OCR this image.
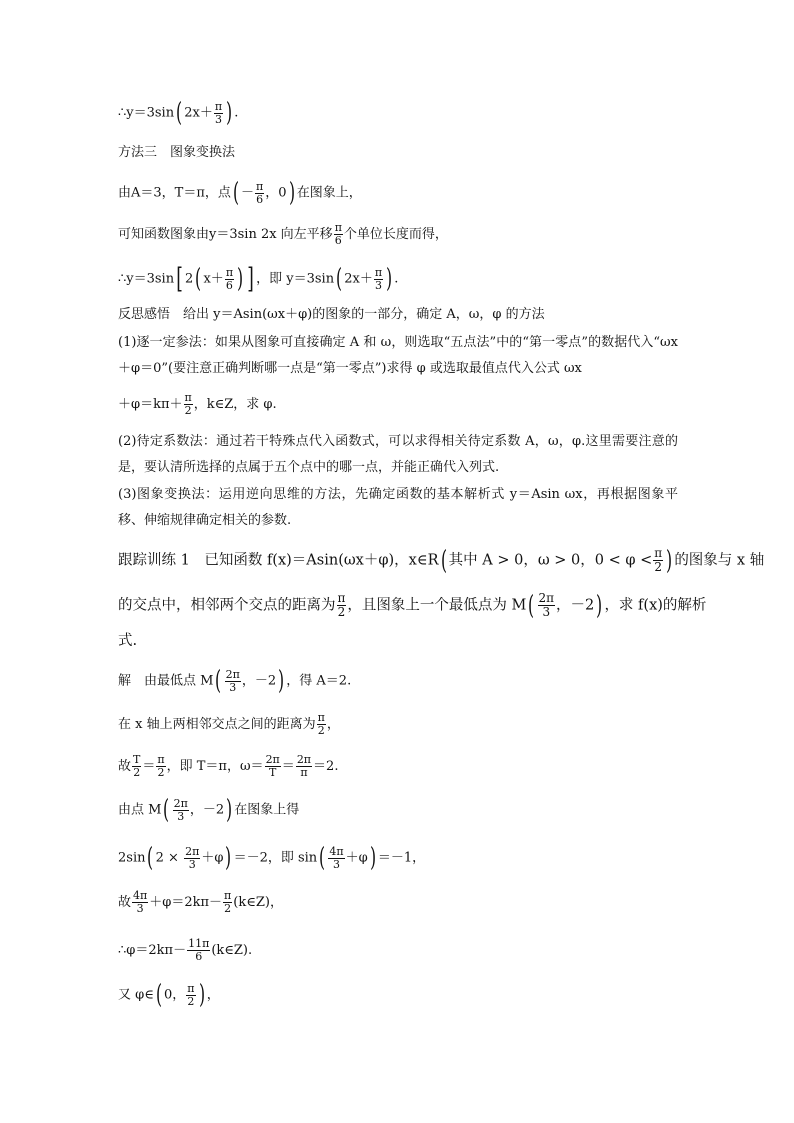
∴y＝3sin( $2x+ \frac{\pi}{3}$ ) .
方法三　图象变换法
由A＝3，T＝π，点( － $\frac{\pi}{6}$ ，0) 在图象上，
可知函数图象由y＝3sin 2x 向左平移 $\frac{\pi}{6}$ 个单位长度而得，
∴y＝3sin[ 2( $x+ \frac{\pi}{6}$ ) ] ，即 y＝3sin( $2x+ \frac{\pi}{3}$ ) .
反思感悟　给出 y＝Asin(ωx＋φ)的图象的一部分，确定 A，ω，φ 的方法
(1)逐一定参法：如果从图象可直接确定 A 和 ω，则选取“五点法”中的“第一零点”的数据代入“ωx＋φ＝0”(要注意正确判断哪一点是“第一零点”)求得 φ 或选取最值点代入公式 ωx
$+\varphi=k\pi+ \frac{\pi}{2}$ ，k∈Z，求 φ.
(2)待定系数法：通过若干特殊点代入函数式，可以求得相关待定系数 A，ω，φ.这里需要注意的是，要认清所选择的点属于五个点中的哪一点，并能正确代入列式.
(3)图象变换法：运用逆向思维的方法，先确定函数的基本解析式 y＝Asin ωx，再根据图象平移、伸缩规律确定相关的参数.
跟踪训练 1　已知函数 f(x)＝Asin(ωx＋φ)，x∈R( 其中 A > 0，ω > 0，$0 < \varphi < \frac{\pi}{2}$ ) 的图象与 x 轴
的交点中，相邻两个交点的距离为 $\frac{\pi}{2}$ ，且图象上一个最低点为 $M( \frac{2\pi}{3}$ ，－2) ，求 f(x)的解析
式.
解　由最低点 $M( \frac{2\pi}{3}$ ，－2) ，得 A＝2.
在 x 轴上两相邻交点之间的距离为 $\frac{\pi}{2}$ ，
故 $\frac{T}{2} = \frac{\pi}{2}$ ，即 T＝π，$\omega= \frac{2\pi}{T} = \frac{2\pi}{\pi} =2$.
由点 $M( \frac{2\pi}{3}$ ，－2) 在图象上得
2sin( $2 \times \frac{2\pi}{3} +\varphi) =-2$，即 $\sin( \frac{4\pi}{3} +\varphi) =-1$，
故 $\frac{4\pi}{3} +\varphi=2k\pi- \frac{\pi}{2}$ (k∈Z)，
∴φ＝2kπ－ $\frac{11\pi}{6}$ (k∈Z).
又 φ∈( 0， $\frac{\pi}{2}$ ) ，
